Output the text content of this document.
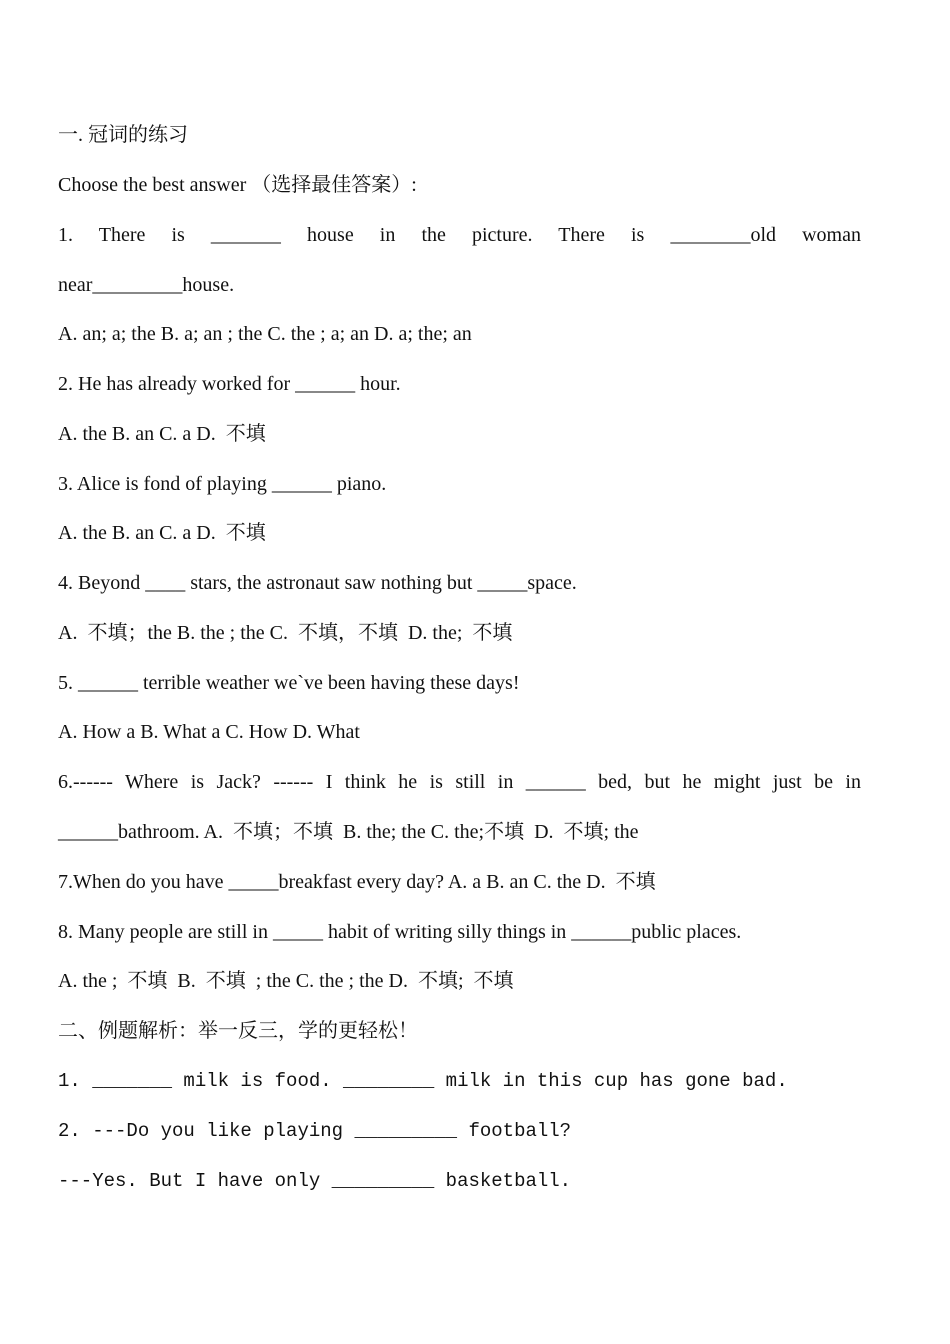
一. 冠词的练习
Choose the best answer （选择最佳答案）:
1. There is _______ house in the picture. There is ________old woman
near_________house.
A. an; a; the B. a; an ; the C. the ; a; an D. a; the; an
2. He has already worked for ______ hour.
A. the B. an C. a D.  不填
3. Alice is fond of playing ______ piano.
A. the B. an C. a D.  不填
4. Beyond ____ stars, the astronaut saw nothing but _____space.
A.  不填；the B. the ; the C.  不填，不填  D. the;  不填
5. ______ terrible weather we`ve been having these days!
A. How a B. What a C. How D. What
6.------ Where is Jack? ------ I think he is still in ______ bed, but he might just be in
______bathroom. A.  不填；不填  B. the; the C. the;不填  D.  不填; the
7.When do you have _____breakfast every day? A. a B. an C. the D.  不填
8. Many people are still in _____ habit of writing silly things in ______public places.
A. the ;  不填  B.  不填  ; the C. the ; the D.  不填;  不填
二、例题解析：举一反三，学的更轻松！
1. _______ milk is food. ________ milk in this cup has gone bad.
2. ---Do you like playing _________ football?
---Yes. But I have only _________ basketball.
